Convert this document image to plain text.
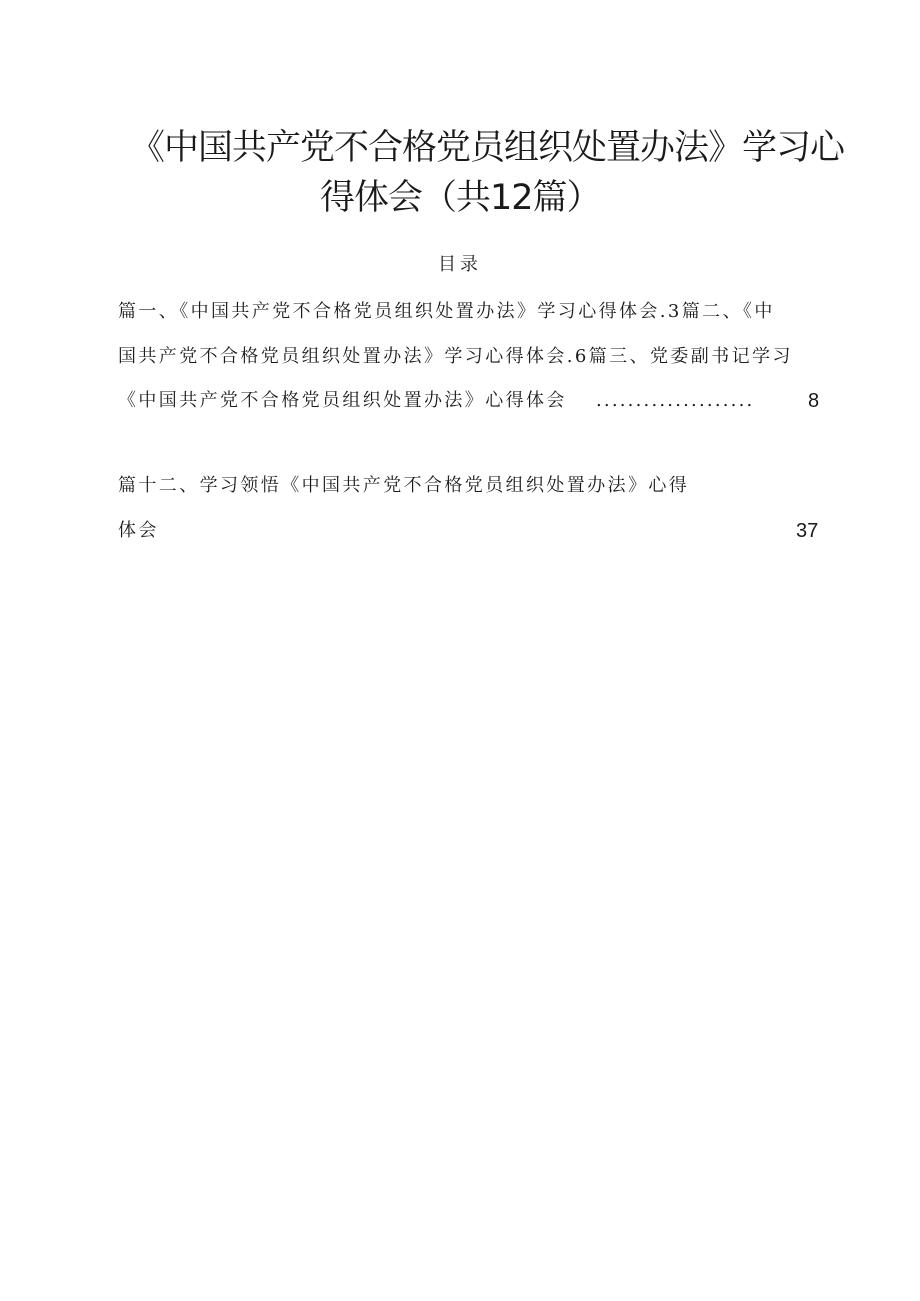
《中国共产党不合格党员组织处置办法》学习心
得体会（共12篇）
目录
篇一、《中国共产党不合格党员组织处置办法》学习心得体会.3篇二、《中
国共产党不合格党员组织处置办法》学习心得体会.6篇三、党委副书记学习
《中国共产党不合格党员组织处置办法》心得体会 ....................	8
篇十二、学习领悟《中国共产党不合格党员组织处置办法》心得
体会	37
